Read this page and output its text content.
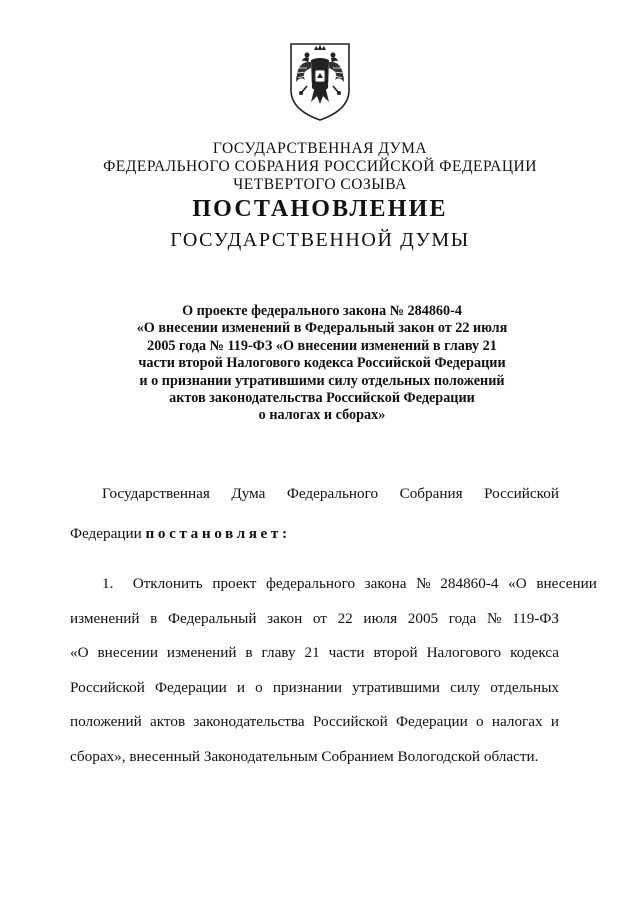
ГОСУДАРСТВЕННАЯ ДУМА
ФЕДЕРАЛЬНОГО СОБРАНИЯ РОССИЙСКОЙ ФЕДЕРАЦИИ
ЧЕТВЕРТОГО СОЗЫВА
ПОСТАНОВЛЕНИЕ
ГОСУДАРСТВЕННОЙ ДУМЫ
О проекте федерального закона № 284860-4
«О внесении изменений в Федеральный закон от 22 июля
2005 года № 119-ФЗ «О внесении изменений в главу 21
части второй Налогового кодекса Российской Федерации
и о признании утратившими силу отдельных положений
актов законодательства Российской Федерации
о налогах и сборах»
Государственная Дума Федерального Собрания Российской
Федерации постановляет:
1. Отклонить проект федерального закона № 284860-4 «О внесении
изменений в Федеральный закон от 22 июля 2005 года № 119-ФЗ
«О внесении изменений в главу 21 части второй Налогового кодекса
Российской Федерации и о признании утратившими силу отдельных
положений актов законодательства Российской Федерации о налогах и
сборах», внесенный Законодательным Собранием Вологодской области.
